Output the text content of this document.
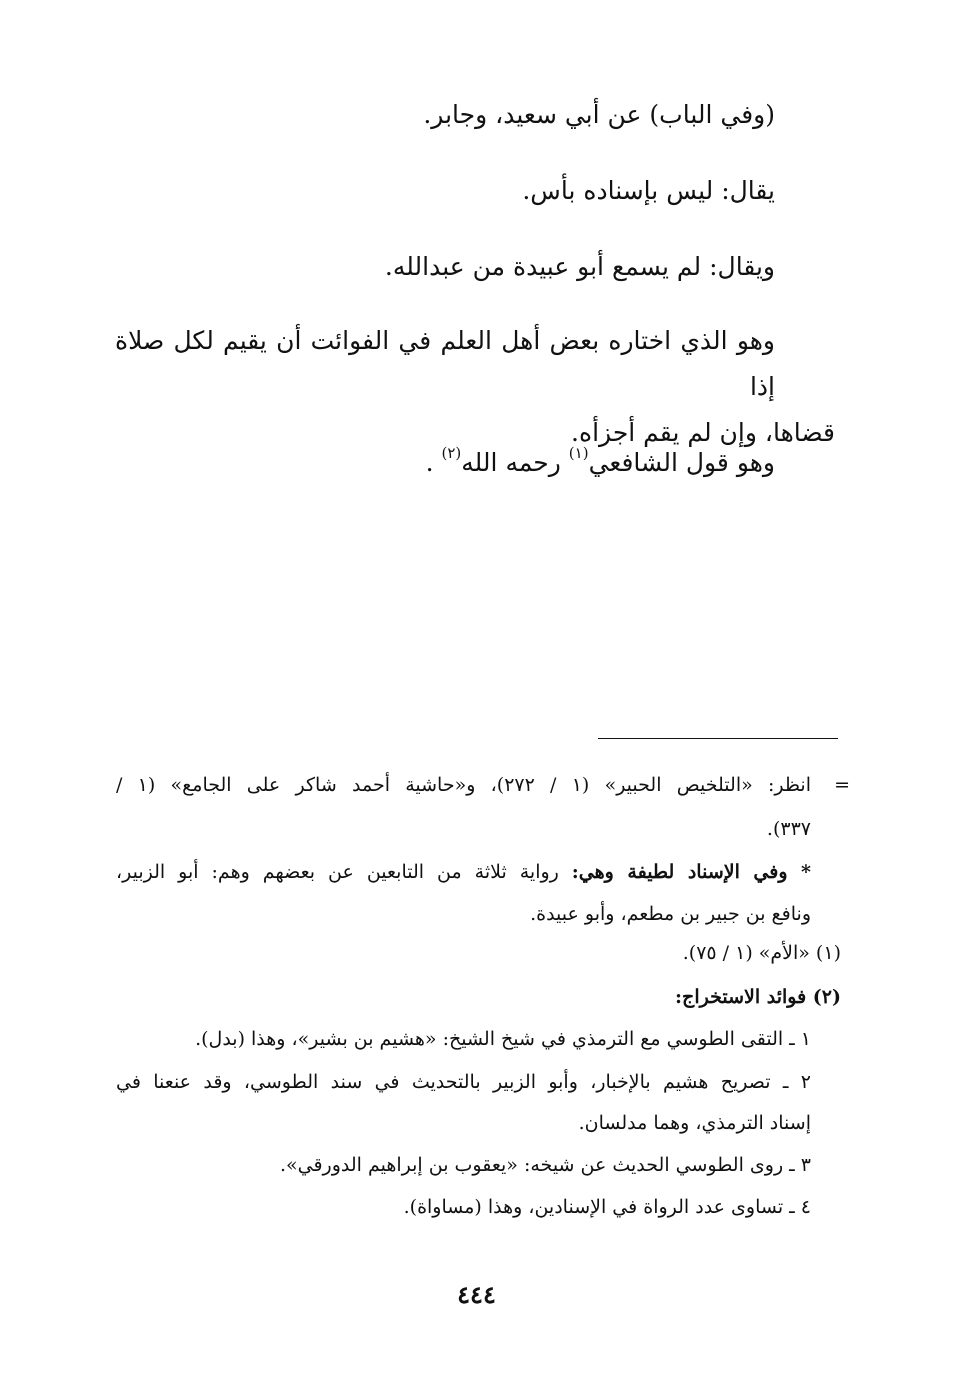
(وفي الباب) عن أبي سعيد، وجابر.
يقال: ليس بإسناده بأس.
ويقال: لم يسمع أبو عبيدة من عبدالله.
وهو الذي اختاره بعض أهل العلم في الفوائت أن يقيم لكل صلاة إذا
قضاها، وإن لم يقم أجزأه.
وهو قول الشافعي$^{(١)}$ رحمه الله$^{(٢)}$ .
=
انظر: «التلخيص الحبير» (١ / ٢٧٢)، و«حاشية أحمد شاكر على الجامع» (١ /
٣٣٧).
* وفي الإسناد لطيفة وهي: رواية ثلاثة من التابعين عن بعضهم وهم: أبو الزبير،
ونافع بن جبير بن مطعم، وأبو عبيدة.
(١) «الأم» (١ / ٧٥).
(٢) فوائد الاستخراج:
١ ـ التقى الطوسي مع الترمذي في شيخ الشيخ: «هشيم بن بشير»، وهذا (بدل).
٢ ـ تصريح هشيم بالإخبار، وأبو الزبير بالتحديث في سند الطوسي، وقد عنعنا في
إسناد الترمذي، وهما مدلسان.
٣ ـ روى الطوسي الحديث عن شيخه: «يعقوب بن إبراهيم الدورقي».
٤ ـ تساوى عدد الرواة في الإسنادين، وهذا (مساواة).
٤٤٤
